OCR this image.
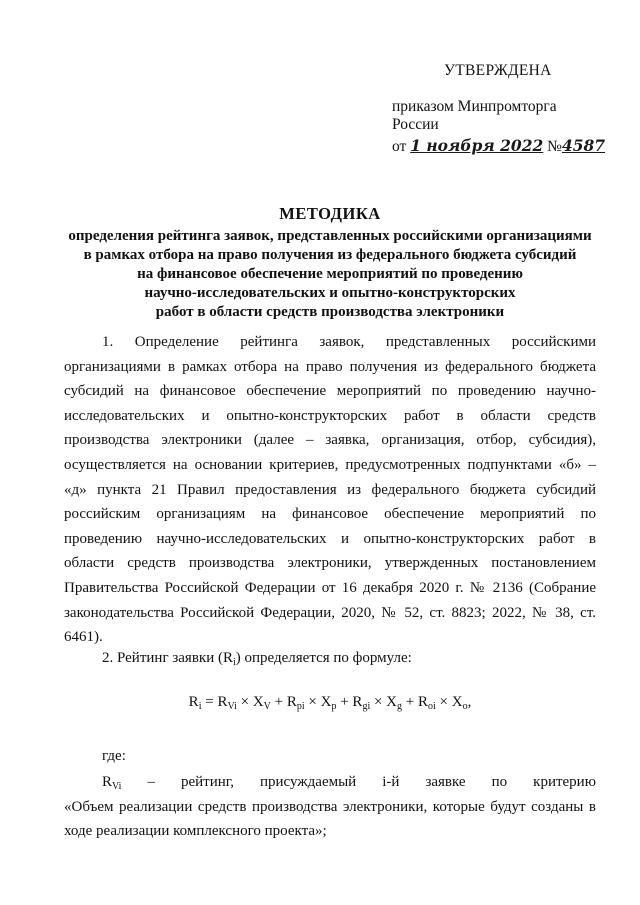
УТВЕРЖДЕНА
приказом Минпромторга России
от 1 ноября 2022 №4587
МЕТОДИКА
определения рейтинга заявок, представленных российскими организациями
в рамках отбора на право получения из федерального бюджета субсидий
на финансовое обеспечение мероприятий по проведению
научно-исследовательских и опытно-конструкторских
работ в области средств производства электроники
1. Определение рейтинга заявок, представленных российскими организациями в рамках отбора на право получения из федерального бюджета субсидий на финансовое обеспечение мероприятий по проведению научно-исследовательских и опытно-конструкторских работ в области средств производства электроники (далее – заявка, организация, отбор, субсидия), осуществляется на основании критериев, предусмотренных подпунктами «б» – «д» пункта 21 Правил предоставления из федерального бюджета субсидий российским организациям на финансовое обеспечение мероприятий по проведению научно-исследовательских и опытно-конструкторских работ в области средств производства электроники, утвержденных постановлением Правительства Российской Федерации от 16 декабря 2020 г. № 2136 (Собрание законодательства Российской Федерации, 2020, № 52, ст. 8823; 2022, № 38, ст. 6461).
2. Рейтинг заявки $(R_i)$ определяется по формуле:
$R_i = R_{Vi} \times X_V + R_{pi} \times X_p + R_{gi} \times X_g + R_{oi} \times X_o$,
где:
$R_{Vi}$ – рейтинг, присуждаемый i-й заявке по критерию
«Объем реализации средств производства электроники, которые будут созданы в ходе реализации комплексного проекта»;
